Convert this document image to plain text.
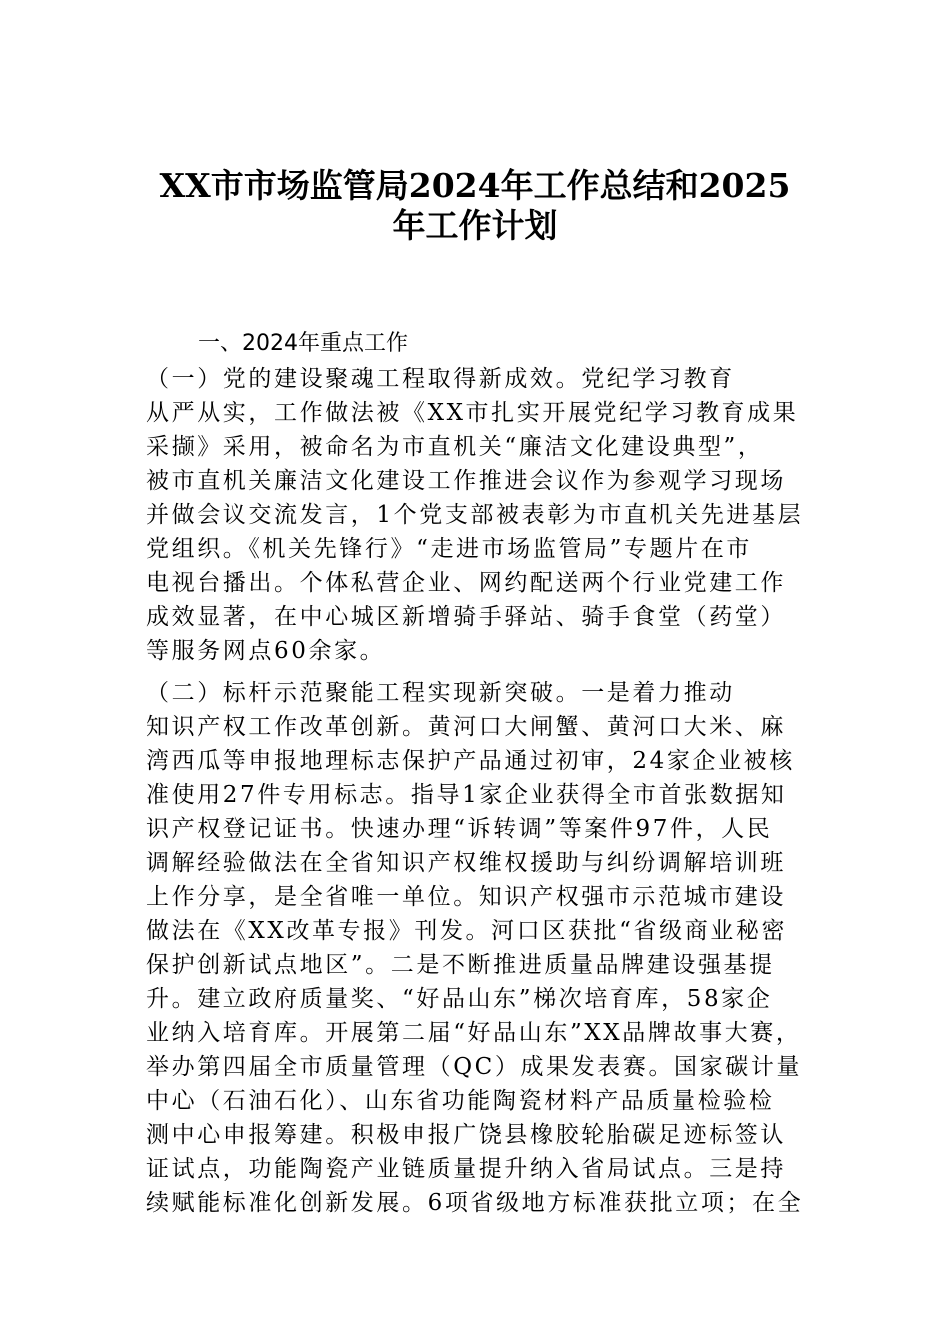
XX市市场监管局2024年工作总结和2025
年工作计划
一、2024年重点工作
（一）党的建设聚魂工程取得新成效。党纪学习教育
从严从实，工作做法被《XX市扎实开展党纪学习教育成果
采撷》采用，被命名为市直机关“廉洁文化建设典型”，
被市直机关廉洁文化建设工作推进会议作为参观学习现场
并做会议交流发言，1个党支部被表彰为市直机关先进基层
党组织。《机关先锋行》“走进市场监管局”专题片在市
电视台播出。个体私营企业、网约配送两个行业党建工作
成效显著，在中心城区新增骑手驿站、骑手食堂（药堂）
等服务网点60余家。
（二）标杆示范聚能工程实现新突破。一是着力推动
知识产权工作改革创新。黄河口大闸蟹、黄河口大米、麻
湾西瓜等申报地理标志保护产品通过初审，24家企业被核
准使用27件专用标志。指导1家企业获得全市首张数据知
识产权登记证书。快速办理“诉转调”等案件97件，人民
调解经验做法在全省知识产权维权援助与纠纷调解培训班
上作分享，是全省唯一单位。知识产权强市示范城市建设
做法在《XX改革专报》刊发。河口区获批“省级商业秘密
保护创新试点地区”。二是不断推进质量品牌建设强基提
升。建立政府质量奖、“好品山东”梯次培育库，58家企
业纳入培育库。开展第二届“好品山东”XX品牌故事大赛，
举办第四届全市质量管理（QC）成果发表赛。国家碳计量
中心（石油石化）、山东省功能陶瓷材料产品质量检验检
测中心申报筹建。积极申报广饶县橡胶轮胎碳足迹标签认
证试点，功能陶瓷产业链质量提升纳入省局试点。三是持
续赋能标准化创新发展。6项省级地方标准获批立项；在全
